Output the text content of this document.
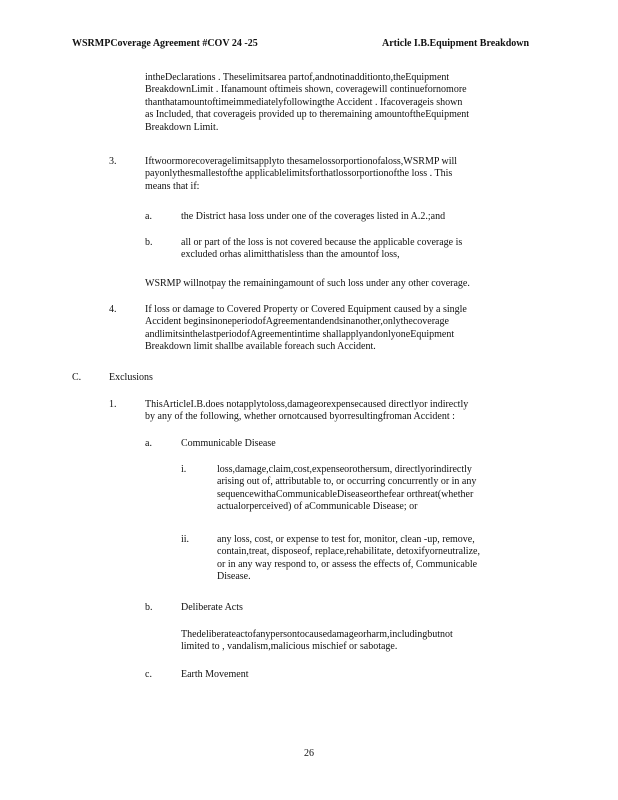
WSRMPCoverage Agreement #COV 24 -25	Article I.B.Equipment Breakdown
intheDeclarations . Theselimitsarea partof,andnotinadditionto,theEquipment
BreakdownLimit . Ifanamount oftimeis shown, coveragewill continuefornomore
thanthatamountoftimeimmediatelyfollowingthe Accident . Ifacoverageis shown
as Included, that coverageis provided up to theremaining amountoftheEquipment
Breakdown Limit.
3.	Iftwoormorecoveragelimitsapplyto thesamelossorportionofaloss,WSRMP will
payonlythesmallestofthe applicablelimitsforthatlossorportionofthe loss . This
means that if:
a.	the District hasa loss under one of the coverages listed in A.2.;and
b.	all or part of the loss is not covered because the applicable coverage is
excluded orhas alimitthatisless than the amountof loss,
WSRMP willnotpay the remainingamount of such loss under any other coverage.
4.	If loss or damage to Covered Property or Covered Equipment caused by a single
Accident beginsinoneperiodofAgreementandendsinanother,onlythecoverage
andlimitsinthelastperiodofAgreementintime shallapplyandonlyoneEquipment
Breakdown limit shallbe available foreach such Accident.
C.	Exclusions
1.	ThisArticleI.B.does notapplytoloss,damageorexpensecaused directlyor indirectly
by any of the following, whether ornotcaused byorresultingfroman Accident :
a.	Communicable Disease
i.	loss,damage,claim,cost,expenseorothersum, directlyorindirectly
arising out of, attributable to, or occurring concurrently or in any
sequencewithaCommunicableDiseaseorthefear orthreat(whether
actualorperceived) of aCommunicable Disease; or
ii.	any loss, cost, or expense to test for, monitor, clean -up, remove,
contain,treat, disposeof, replace,rehabilitate, detoxifyorneutralize,
or in any way respond to, or assess the effects of, Communicable
Disease.
b.	Deliberate Acts
Thedeliberateactofanypersontocausedamageorharm,includingbutnot
limited to , vandalism,malicious mischief or sabotage.
c.	Earth Movement
26
